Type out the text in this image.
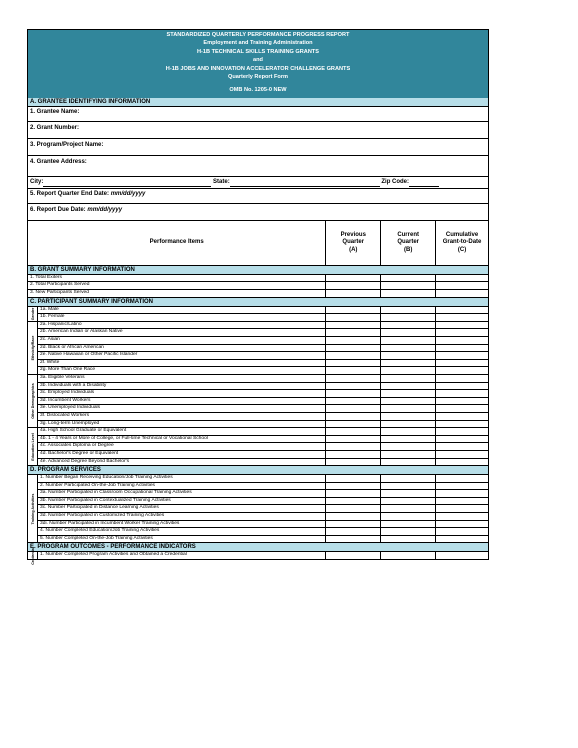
STANDARDIZED QUARTERLY PERFORMANCE PROGRESS REPORT
Employment and Training Administration
H-1B TECHNICAL SKILLS TRAINING GRANTS
and
H-1B JOBS AND INNOVATION ACCELERATOR CHALLENGE GRANTS
Quarterly Report Form
OMB No. 1205-0 NEW
A. GRANTEE IDENTIFYING INFORMATION
1. Grantee Name:
2. Grant Number:
3. Program/Project Name:
4. Grantee Address:
City:	State:	Zip Code:
5. Report Quarter End Date: mm/dd/yyyy
6. Report Due Date: mm/dd/yyyy
Performance Items
Previous
Quarter
(A)
Current
Quarter
(B)
Cumulative
Grant-to-Date
(C)
B. GRANT SUMMARY INFORMATION
1. Total Exiters
2. Total Participants Served
3. New Participants Served
C. PARTICIPANT SUMMARY INFORMATION
Gender	1a. Male
1b. Female
Ethnicity/Race
2a. Hispanic/Latino
2b. American Indian or Alaskan Native
2c. Asian
2d. Black or African American
2e. Native Hawaiian or Other Pacific Islander
2f. White
2g. More Than One Race
Other Demographics
3a. Eligible Veterans
3b. Individuals with a Disability
3c. Employed Individuals
3d. Incumbent Workers
3e. Unemployed Individuals
3f. Dislocated Workers
3g. Long-term Unemployed
Education Level
4a. High School Graduate or Equivalent
4b. 1 - 4 Years or More of College, or Full-time Technical or Vocational School
4c. Associates Diploma or Degree
4d. Bachelor's Degree or Equivalent
4e. Advanced Degree Beyond Bachelor's
D. PROGRAM SERVICES
Training Activities
1. Number Began Receiving Education/Job Training Activities
2. Number Participated On-the-Job Training Activities
3a. Number Participated in Classroom Occupational Training Activities
3b. Number Participated in Contextualized Training Activities
3c. Number Participated in Distance Learning Activities
3d. Number Participated in Customized Training Activities
3di. Number Participated in Incumbent Worker Training Activities
4. Number Completed Education/Job Training Activities
5. Number Completed On-the-Job Training Activities
E. PROGRAM OUTCOMES - PERFORMANCE INDICATORS
Credential	1. Number Completed Program Activities and Obtained a Credential
